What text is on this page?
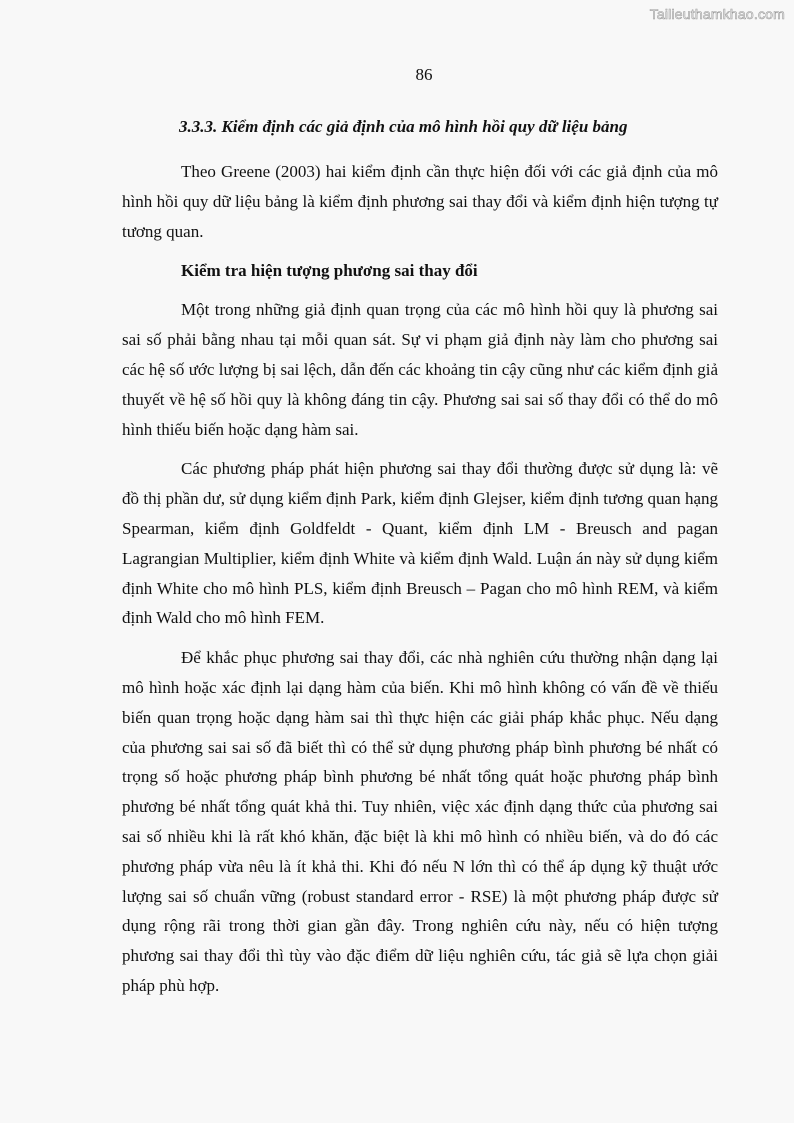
Tailieuthamkhao.com
86

3.3.3. Kiểm định các giả định của mô hình hồi quy dữ liệu bảng

Theo Greene (2003) hai kiểm định cần thực hiện đối với các giả định của mô hình hồi quy dữ liệu bảng là kiểm định phương sai thay đổi và kiểm định hiện tượng tự tương quan.

Kiểm tra hiện tượng phương sai thay đổi

Một trong những giả định quan trọng của các mô hình hồi quy là phương sai sai số phải bằng nhau tại mỗi quan sát. Sự vi phạm giả định này làm cho phương sai các hệ số ước lượng bị sai lệch, dẫn đến các khoảng tin cậy cũng như các kiểm định giả thuyết về hệ số hồi quy là không đáng tin cậy. Phương sai sai số thay đổi có thể do mô hình thiếu biến hoặc dạng hàm sai.

Các phương pháp phát hiện phương sai thay đổi thường được sử dụng là: vẽ đồ thị phần dư, sử dụng kiểm định Park, kiểm định Glejser, kiểm định tương quan hạng Spearman, kiểm định Goldfeldt - Quant, kiểm định LM - Breusch and pagan Lagrangian Multiplier, kiểm định White và kiểm định Wald. Luận án này sử dụng kiểm định White cho mô hình PLS, kiểm định Breusch – Pagan cho mô hình REM, và kiểm định Wald cho mô hình FEM.

Để khắc phục phương sai thay đổi, các nhà nghiên cứu thường nhận dạng lại mô hình hoặc xác định lại dạng hàm của biến. Khi mô hình không có vấn đề về thiếu biến quan trọng hoặc dạng hàm sai thì thực hiện các giải pháp khắc phục. Nếu dạng của phương sai sai số đã biết thì có thể sử dụng phương pháp bình phương bé nhất có trọng số hoặc phương pháp bình phương bé nhất tổng quát hoặc phương pháp bình phương bé nhất tổng quát khả thi. Tuy nhiên, việc xác định dạng thức của phương sai sai số nhiều khi là rất khó khăn, đặc biệt là khi mô hình có nhiều biến, và do đó các phương pháp vừa nêu là ít khả thi. Khi đó nếu N lớn thì có thể áp dụng kỹ thuật ước lượng sai số chuẩn vững (robust standard error - RSE) là một phương pháp được sử dụng rộng rãi trong thời gian gần đây. Trong nghiên cứu này, nếu có hiện tượng phương sai thay đổi thì tùy vào đặc điểm dữ liệu nghiên cứu, tác giả sẽ lựa chọn giải pháp phù hợp.
